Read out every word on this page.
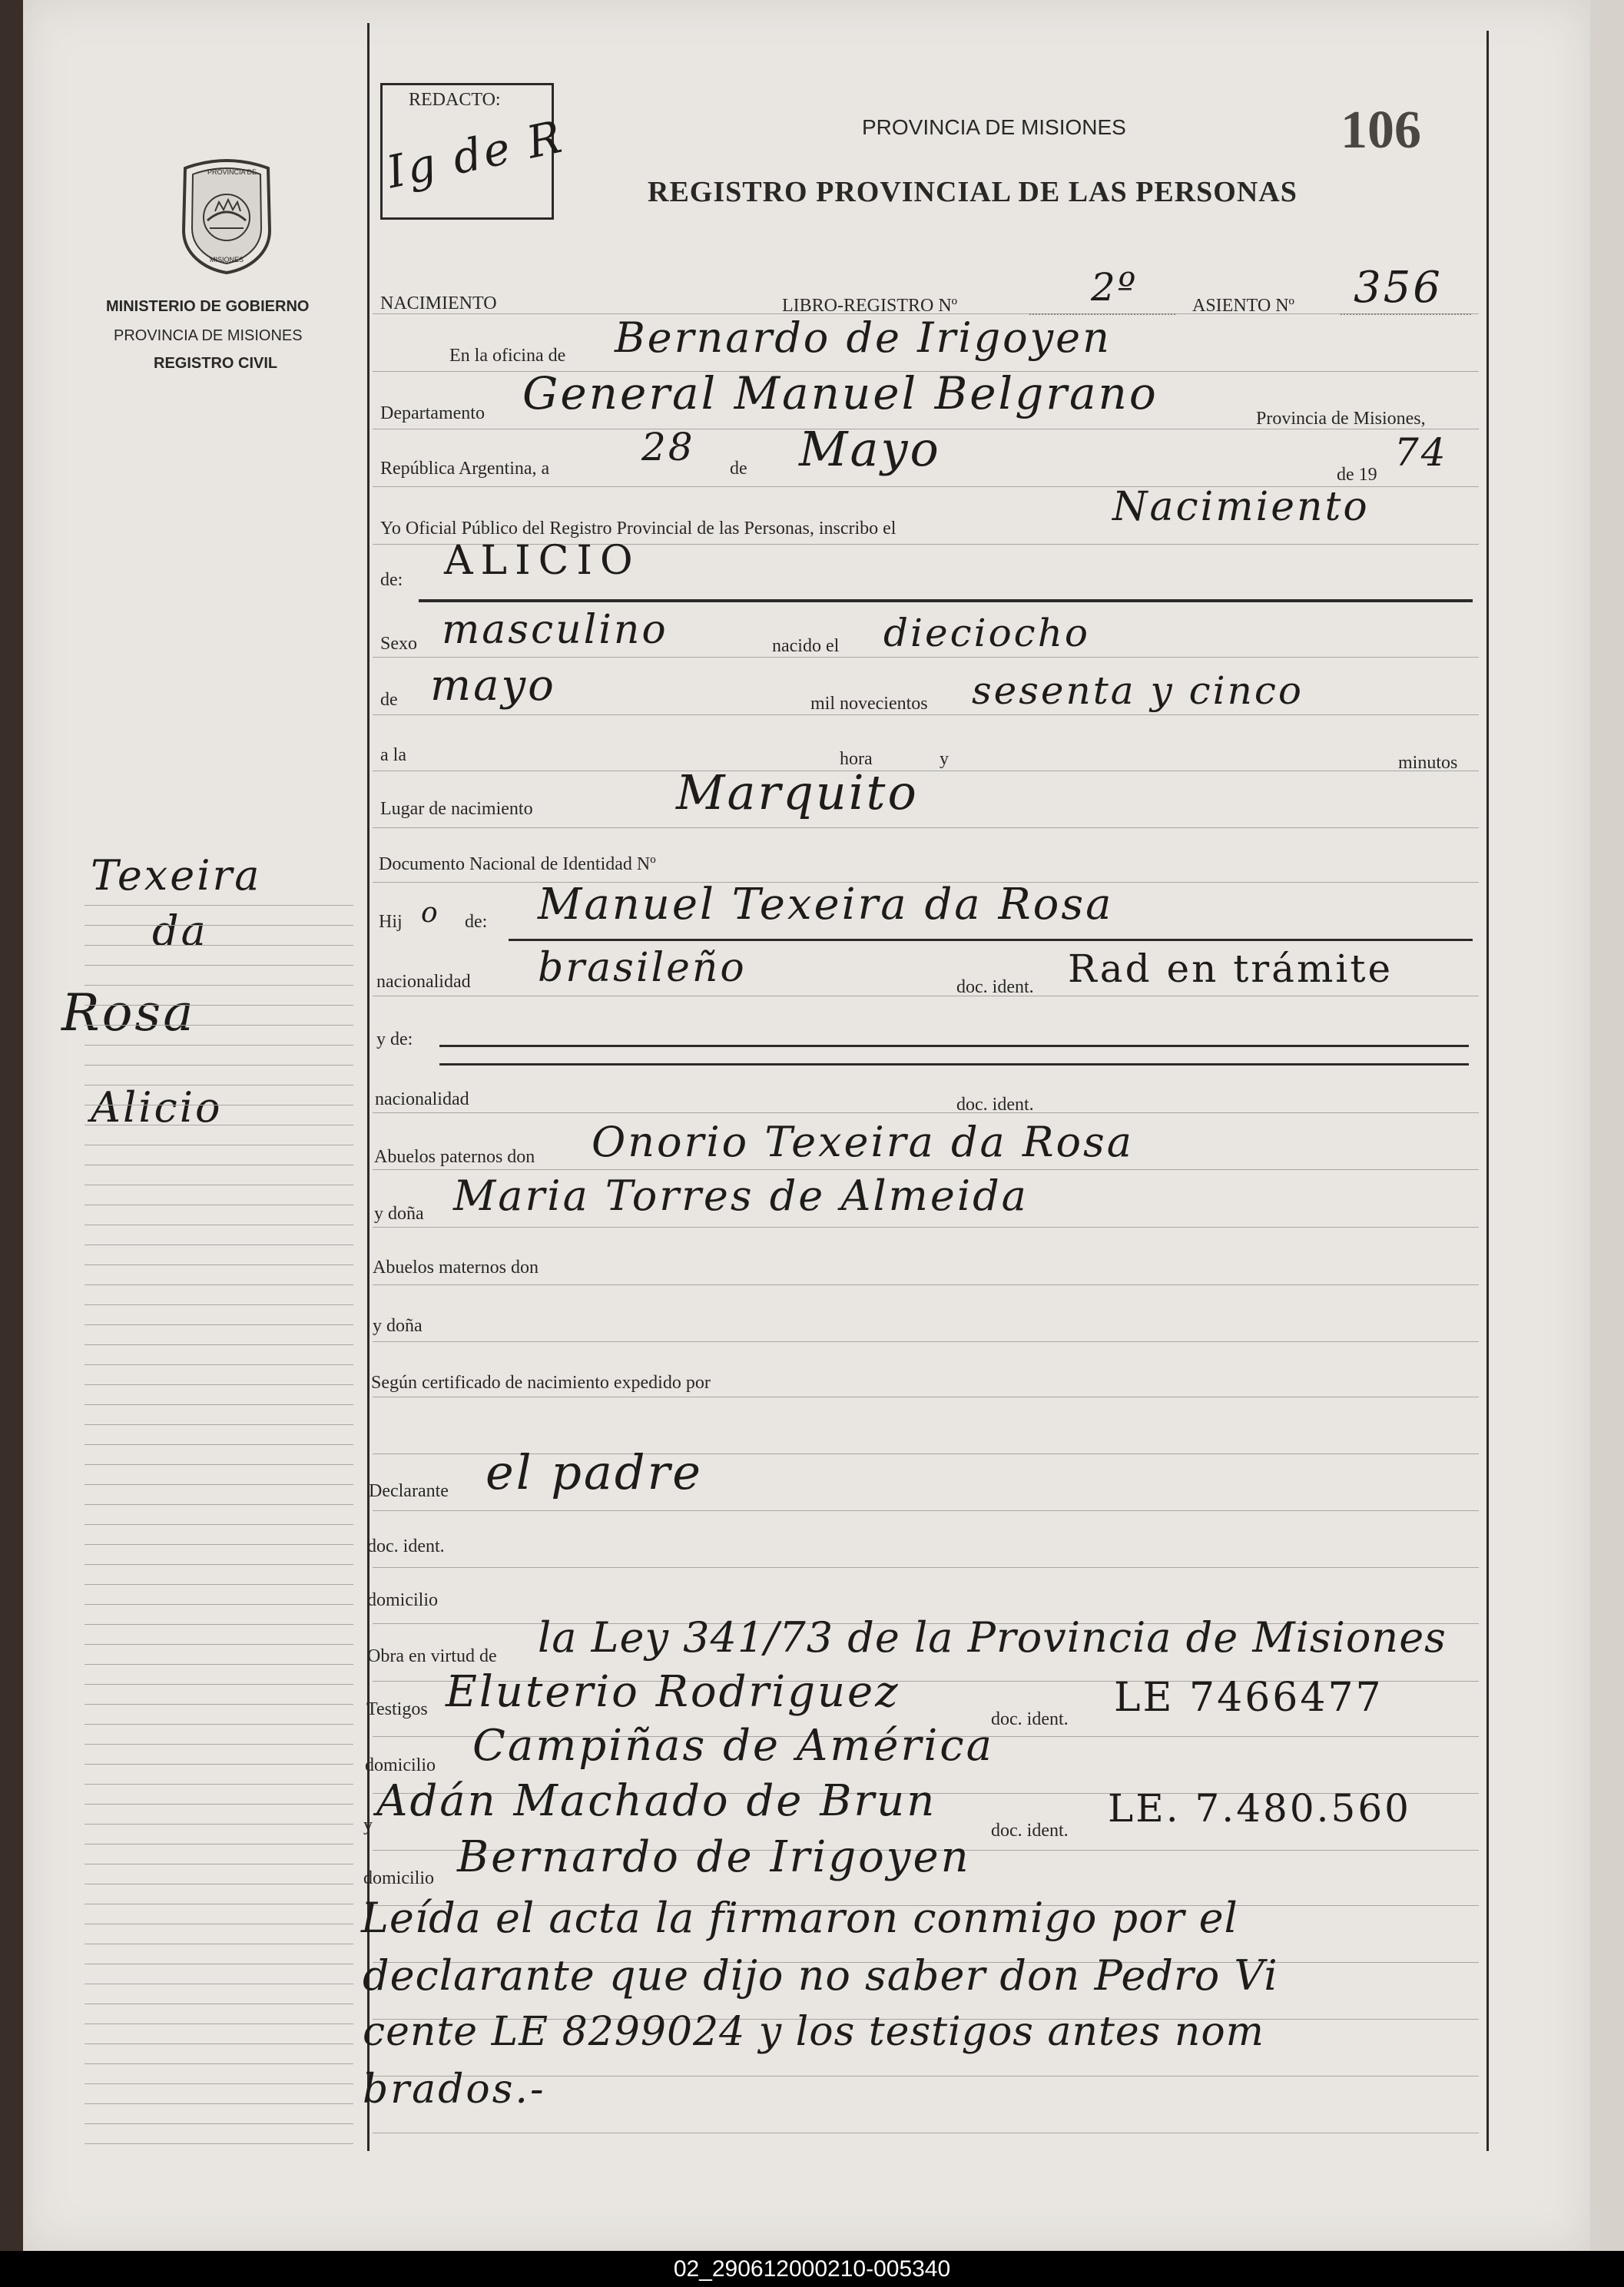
PROVINCIA DE
MISIONES
MINISTERIO DE GOBIERNO
PROVINCIA DE MISIONES
REGISTRO CIVIL
REDACTO:
Ig de R	PROVINCIA DE MISIONES
REGISTRO PROVINCIAL DE LAS PERSONAS
106
Texeira
da
Rosa
Alicio
NACIMIENTO	LIBRO-REGISTRO Nº	2º	ASIENTO Nº 356
En la oficina de Bernardo de Irigoyen
Departamento General Manuel Belgrano	Provincia de Misiones,
República Argentina, a 28 de Mayo	de 19 74
Yo Oficial Público del Registro Provincial de las Personas, inscribo el	Nacimiento
de: ALICIO
Sexo masculino	nacido el dieciocho
de mayo	mil novecientos sesenta y cinco
a la	hora	y	minutos
Lugar de nacimiento	Marquito
Documento Nacional de Identidad Nº
Hij o de: Manuel Texeira da Rosa
nacionalidad brasileño	doc. ident. Rad en trámite
y de:
nacionalidad	doc. ident.
Abuelos paternos don Onorio Texeira da Rosa
y doña Maria Torres de Almeida
Abuelos maternos don
y doña
Según certificado de nacimiento expedido por
Declarante el padre
doc. ident.
domicilio
Obra en virtud de la Ley 341/73 de la Provincia de Misiones
Testigos Eluterio Rodriguez
doc. ident. LE 7466477
domicilio Campiñas de América
y Adán Machado de Brun
doc. ident. LE. 7.480.560
domicilio Bernardo de Irigoyen
Leída el acta la firmaron conmigo por el
declarante que dijo no saber don Pedro Vi
cente LE 8299024 y los testigos antes nom
brados.-
02_290612000210-005340
